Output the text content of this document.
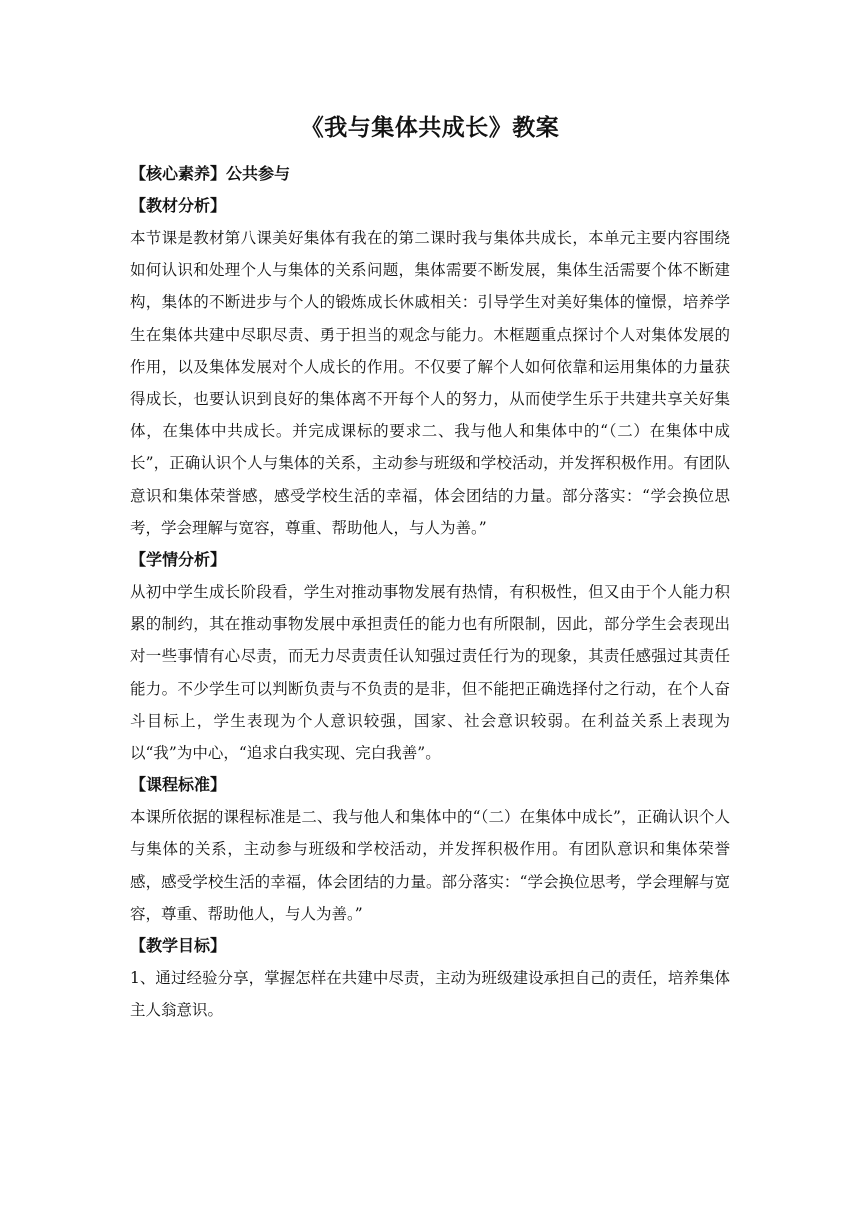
《我与集体共成长》教案

【核心素养】公共参与

【教材分析】

本节课是教材第八课美好集体有我在的第二课时我与集体共成长，本单元主要内容围绕如何认识和处理个人与集体的关系问题，集体需要不断发展，集体生活需要个体不断建构，集体的不断进步与个人的锻炼成长休戚相关：引导学生对美好集体的憧憬，培养学生在集体共建中尽职尽责、勇于担当的观念与能力。木框题重点探讨个人对集体发展的作用，以及集体发展对个人成长的作用。不仅要了解个人如何依靠和运用集体的力量获得成长，也要认识到良好的集体离不开每个人的努力，从而使学生乐于共建共享关好集体，在集体中共成长。并完成课标的要求二、我与他人和集体中的“（二）在集体中成长”，正确认识个人与集体的关系，主动参与班级和学校活动，并发挥积极作用。有团队意识和集体荣誉感，感受学校生活的幸福，体会团结的力量。部分落实：“学会换位思考，学会理解与宽容，尊重、帮助他人，与人为善。”

【学情分析】

从初中学生成长阶段看，学生对推动事物发展有热情，有积极性，但又由于个人能力积累的制约，其在推动事物发展中承担责任的能力也有所限制，因此，部分学生会表现出对一些事情有心尽责，而无力尽责责任认知强过责任行为的现象，其责任感强过其责任能力。不少学生可以判断负责与不负责的是非，但不能把正确选择付之行动，在个人奋斗目标上，学生表现为个人意识较强，国家、社会意识较弱。在利益关系上表现为以“我”为中心，“追求白我实现、完白我善”。

【课程标准】

本课所依据的课程标准是二、我与他人和集体中的“（二）在集体中成长”，正确认识个人与集体的关系，主动参与班级和学校活动，并发挥积极作用。有团队意识和集体荣誉感，感受学校生活的幸福，体会团结的力量。部分落实：“学会换位思考，学会理解与宽容，尊重、帮助他人，与人为善。”

【教学目标】

1、通过经验分享，掌握怎样在共建中尽责，主动为班级建设承担自己的责任，培养集体主人翁意识。
